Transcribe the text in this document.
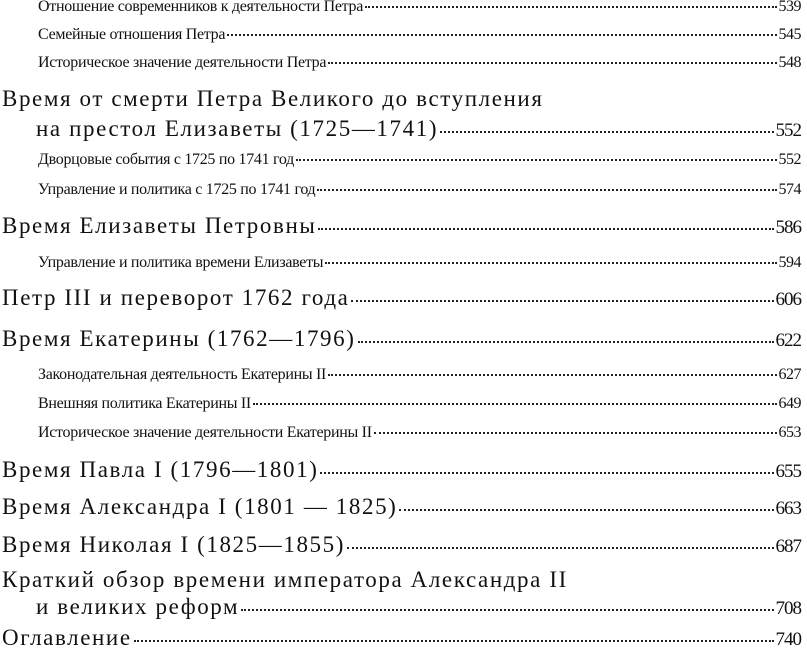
Отношение современников к деятельности Петра	539
Семейные отношения Петра	545
Историческое значение деятельности Петра	548
Время от смерти Петра Великого до вступления
на престол Елизаветы (1725—1741)	552
Дворцовые события с 1725 по 1741 год	552
Управление и политика с 1725 по 1741 год	574
Время Елизаветы Петровны	586
Управление и политика времени Елизаветы	594
Петр III и переворот 1762 года	606
Время Екатерины (1762—1796)	622
Законодательная деятельность Екатерины II	627
Внешняя политика Екатерины II	649
Историческое значение деятельности Екатерины II	653
Время Павла I (1796—1801)	655
Время Александра I (1801 — 1825)	663
Время Николая I (1825—1855)	687
Краткий обзор времени императора Александра II
и великих реформ	708
Оглавление	740
